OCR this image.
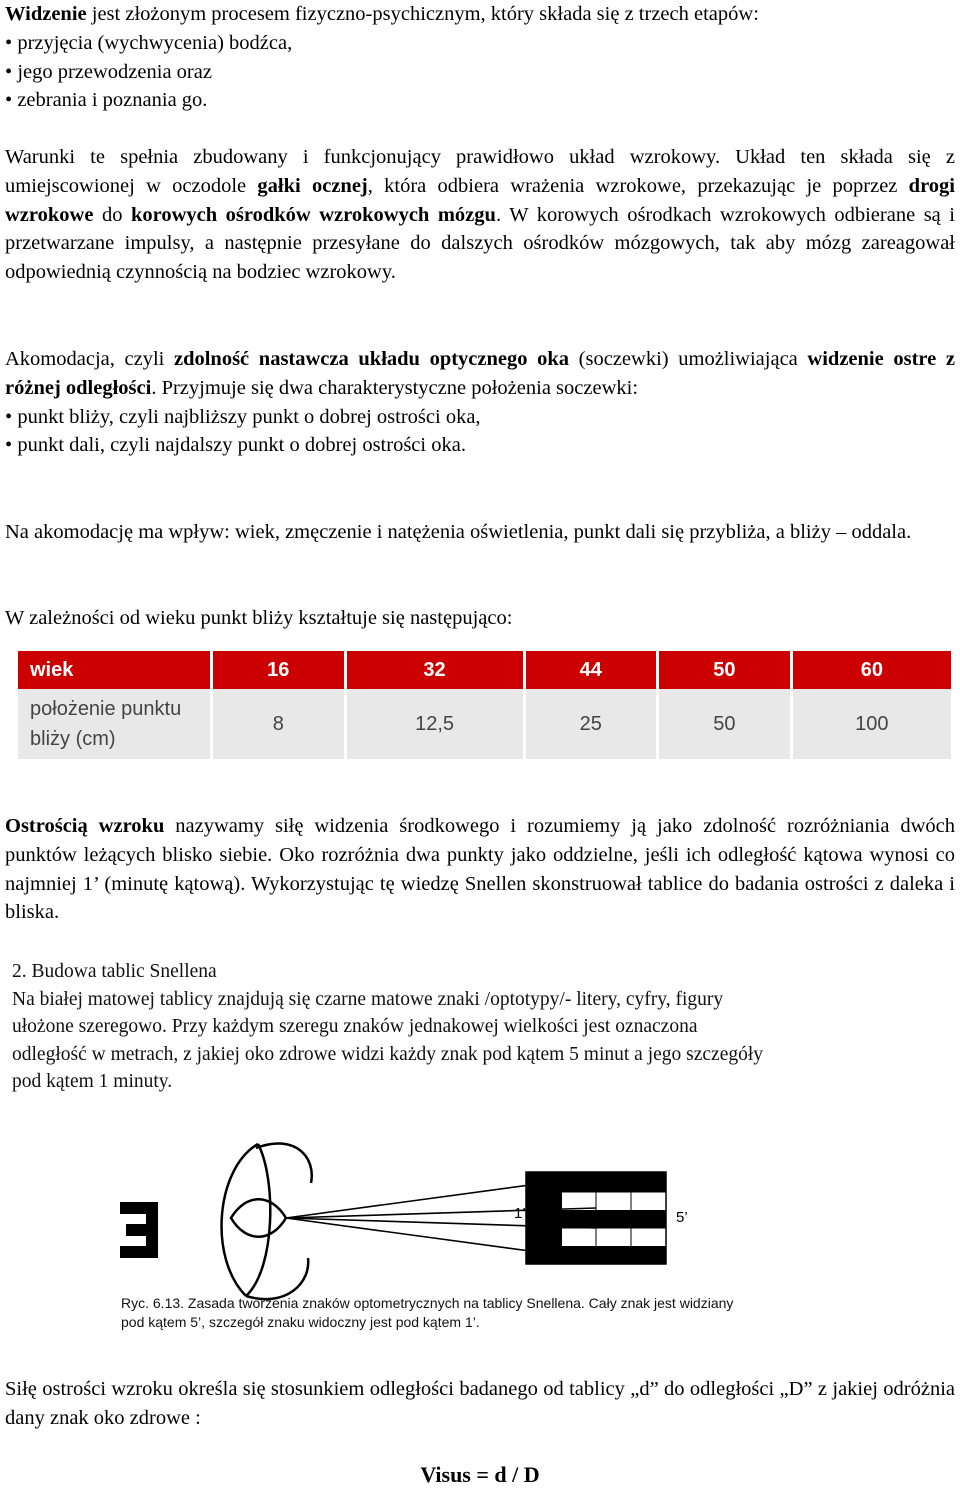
Widzenie jest złożonym procesem fizyczno-psychicznym, który składa się z trzech etapów:

• przyjęcia (wychwycenia) bodźca,

• jego przewodzenia oraz

• zebrania i poznania go.

Warunki te spełnia zbudowany i funkcjonujący prawidłowo układ wzrokowy. Układ ten składa się z umiejscowionej w oczodole gałki ocznej, która odbiera wrażenia wzrokowe, przekazując je poprzez drogi wzrokowe do korowych ośrodków wzrokowych mózgu. W korowych ośrodkach wzrokowych odbierane są i przetwarzane impulsy, a następnie przesyłane do dalszych ośrodków mózgowych, tak aby mózg zareagował odpowiednią czynnością na bodziec wzrokowy.

Akomodacja, czyli zdolność nastawcza układu optycznego oka (soczewki) umożliwiająca widzenie ostre z różnej odległości. Przyjmuje się dwa charakterystyczne położenia soczewki:

• punkt bliży, czyli najbliższy punkt o dobrej ostrości oka,

• punkt dali, czyli najdalszy punkt o dobrej ostrości oka.

Na akomodację ma wpływ: wiek, zmęczenie i natężenia oświetlenia, punkt dali się przybliża, a bliży – oddala.

W zależności od wieku punkt bliży kształtuje się następująco:

Ostrością wzroku nazywamy siłę widzenia środkowego i rozumiemy ją jako zdolność rozróżniania dwóch punktów leżących blisko siebie. Oko rozróżnia dwa punkty jako oddzielne, jeśli ich odległość kątowa wynosi co najmniej 1’ (minutę kątową). Wykorzystując tę wiedzę Snellen skonstruował tablice do badania ostrości z daleka i bliska.

Siłę ostrości wzroku określa się stosunkiem odległości badanego od tablicy „d” do odległości „D” z jakiej odróżnia dany znak oko zdrowe :

wiek	16	32	44	50	60
położenie punktu
bliży (cm)	8	12,5	25	50	100
2. Budowa tablic Snellena
Na białej matowej tablicy znajdują się czarne matowe znaki /optotypy/- litery, cyfry, figury
ułożone szeregowo. Przy każdym szeregu znaków jednakowej wielkości jest oznaczona
odległość w metrach, z jakiej oko zdrowe widzi każdy znak pod kątem 5 minut a jego szczegóły
pod kątem 1 minuty.
1’	5’
Ryc. 6.13. Zasada tworzenia znaków optometrycznych na tablicy Snellena. Cały znak jest widziany
pod kątem 5’, szczegół znaku widoczny jest pod kątem 1’.
Visus = d / D
